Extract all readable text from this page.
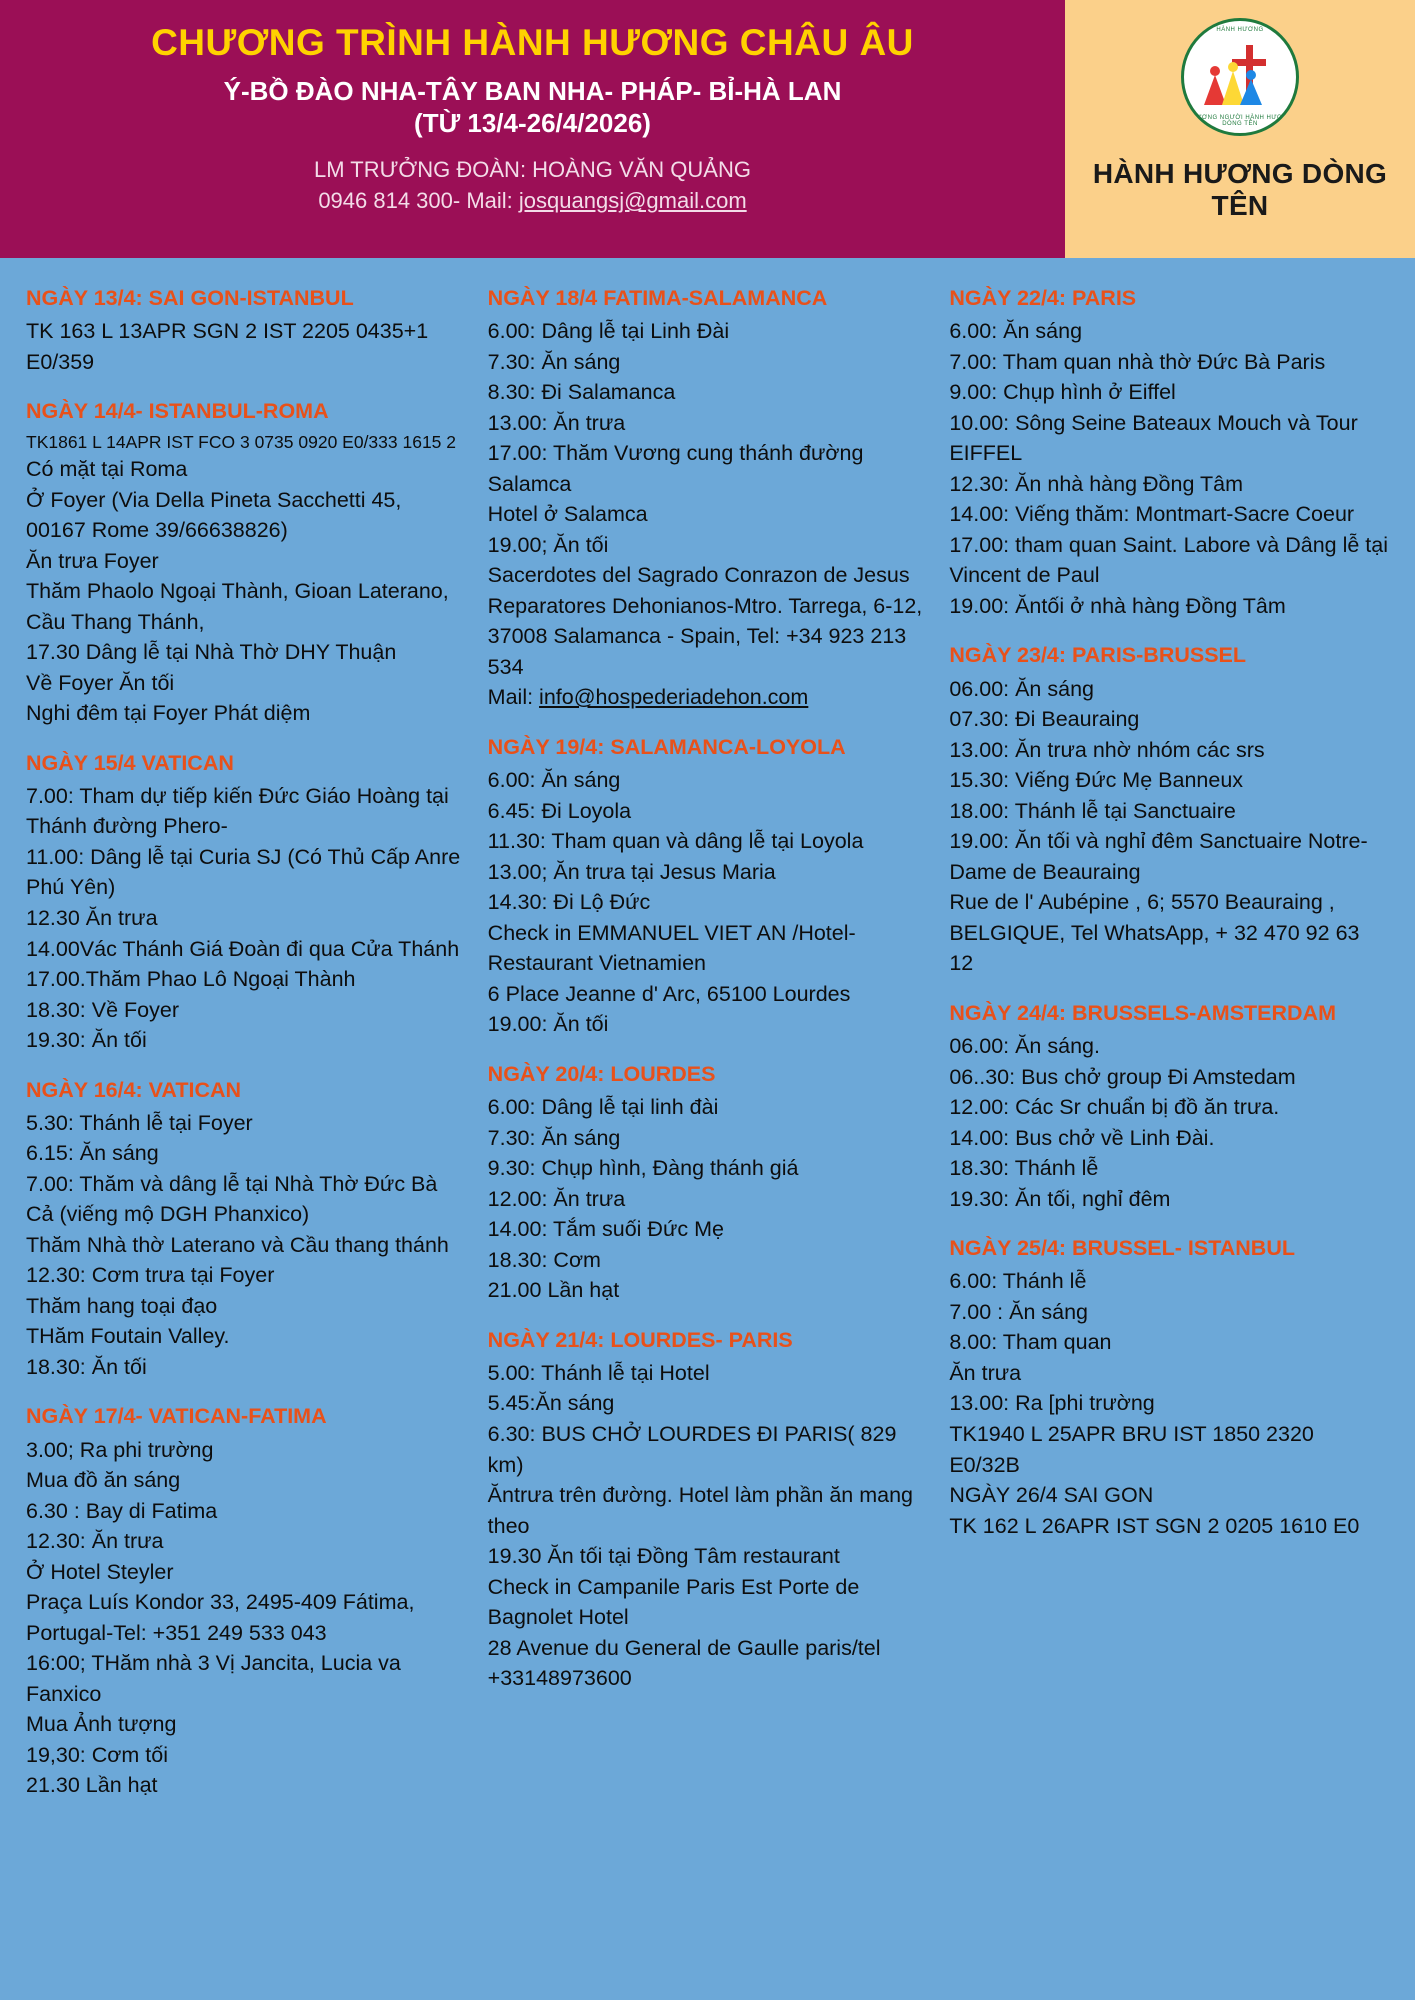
CHƯƠNG TRÌNH HÀNH HƯƠNG CHÂU ÂU
Ý-BỒ ĐÀO NHA-TÂY BAN NHA- PHÁP- BỈ-HÀ LAN
(TỪ 13/4-26/4/2026)
LM TRƯỞNG ĐOÀN: HOÀNG VĂN QUẢNG
0946 814 300- Mail: josquangsj@gmail.com
HÀNH HƯƠNG
THƯƠNG NGƯỜI HÀNH HƯƠNG DÒNG TÊN
HÀNH HƯƠNG DÒNG TÊN
NGÀY 13/4: SAI GON-ISTANBUL
TK 163 L 13APR SGN 2 IST 2205 0435+1
E0/359
NGÀY 14/4- ISTANBUL-ROMA
TK1861 L 14APR IST FCO 3 0735 0920 E0/333 1615 2
Có mặt tại Roma
Ở Foyer (Via Della Pineta Sacchetti 45, 00167 Rome 39/66638826)
Ăn trưa Foyer
Thăm Phaolo Ngoại Thành, Gioan Laterano, Cầu Thang Thánh,
17.30 Dâng lễ tại Nhà Thờ DHY Thuận
Về Foyer Ăn tối
Nghi đêm tại Foyer Phát diệm
NGÀY 15/4 VATICAN
7.00: Tham dự tiếp kiến Đức Giáo Hoàng tại Thánh đường Phero-
11.00: Dâng lễ tại Curia SJ (Có Thủ Cấp Anre Phú Yên)
12.30 Ăn trưa
14.00Vác Thánh Giá Đoàn đi qua Cửa Thánh
17.00.Thăm Phao Lô Ngoại Thành
18.30: Về Foyer
19.30: Ăn tối
NGÀY 16/4: VATICAN
5.30: Thánh lễ tại Foyer
6.15: Ăn sáng
7.00: Thăm và dâng lễ tại Nhà Thờ Đức Bà Cả (viếng mộ DGH Phanxico)
Thăm Nhà thờ Laterano và Cầu thang thánh
12.30: Cơm trưa tại Foyer
Thăm hang toại đạo
THăm Foutain Valley.
18.30: Ăn tối
NGÀY 17/4- VATICAN-FATIMA
3.00; Ra phi trường
Mua đồ ăn sáng
6.30 : Bay di Fatima
12.30: Ăn trưa
Ở Hotel Steyler
Praça Luís Kondor 33, 2495-409 Fátima, Portugal-Tel: +351 249 533 043
16:00; THăm nhà 3 Vị Jancita, Lucia va Fanxico
Mua Ảnh tượng
19,30: Cơm tối
21.30 Lần hạt
NGÀY 18/4 FATIMA-SALAMANCA
6.00: Dâng lễ tại Linh Đài
7.30: Ăn sáng
8.30: Đi Salamanca
13.00: Ăn trưa
17.00: Thăm Vương cung thánh đường Salamca
Hotel ở Salamca
19.00; Ăn tối
Sacerdotes del Sagrado Conrazon de Jesus Reparatores Dehonianos-Mtro. Tarrega, 6-12, 37008 Salamanca - Spain, Tel: +34 923 213 534
Mail: info@hospederiadehon.com
NGÀY 19/4: SALAMANCA-LOYOLA
6.00: Ăn sáng
6.45: Đi Loyola
11.30: Tham quan và dâng lễ tại Loyola
13.00; Ăn trưa tại Jesus Maria
14.30: Đi Lộ Đức
Check in EMMANUEL VIET AN /Hotel-Restaurant Vietnamien
6 Place Jeanne d' Arc, 65100 Lourdes
19.00: Ăn tối
NGÀY 20/4: LOURDES
6.00: Dâng lễ tại linh đài
7.30: Ăn sáng
9.30: Chụp hình, Đàng thánh giá
12.00: Ăn trưa
14.00: Tắm suối Đức Mẹ
18.30: Cơm
21.00 Lần hạt
NGÀY 21/4: LOURDES- PARIS
5.00: Thánh lễ tại Hotel
5.45:Ăn sáng
6.30: BUS CHỞ LOURDES ĐI PARIS( 829 km)
Ăntrưa trên đường. Hotel làm phần ăn mang theo
19.30 Ăn tối tại Đồng Tâm restaurant
Check in Campanile Paris Est Porte de Bagnolet Hotel
28 Avenue du General de Gaulle paris/tel +33148973600
NGÀY 22/4: PARIS
6.00: Ăn sáng
7.00: Tham quan nhà thờ Đức Bà Paris
9.00: Chụp hình ở Eiffel
10.00: Sông Seine Bateaux Mouch và Tour EIFFEL
12.30: Ăn nhà hàng Đồng Tâm
14.00: Viếng thăm: Montmart-Sacre Coeur
17.00: tham quan Saint. Labore và Dâng lễ tại Vincent de Paul
19.00: Ăntối ở nhà hàng Đồng Tâm
NGÀY 23/4: PARIS-BRUSSEL
06.00: Ăn sáng
07.30: Đi Beauraing
13.00: Ăn trưa nhờ nhóm các srs
15.30: Viếng Đức Mẹ Banneux
18.00: Thánh lễ tại Sanctuaire
19.00: Ăn tối và nghỉ đêm Sanctuaire Notre- Dame de Beauraing
Rue de l' Aubépine , 6; 5570 Beauraing , BELGIQUE, Tel WhatsApp, + 32 470 92 63 12
NGÀY 24/4: BRUSSELS-AMSTERDAM
06.00: Ăn sáng.
06..30: Bus chở group Đi Amstedam
12.00: Các Sr chuẩn bị đồ ăn trưa.
14.00: Bus chở về Linh Đài.
18.30: Thánh lễ
19.30: Ăn tối, nghỉ đêm
NGÀY 25/4: BRUSSEL- ISTANBUL
6.00: Thánh lễ
7.00 : Ăn sáng
8.00: Tham quan
Ăn trưa
13.00: Ra [phi trường
TK1940 L 25APR BRU IST 1850 2320 E0/32B
NGÀY 26/4 SAI GON
TK 162 L 26APR IST SGN 2 0205 1610 E0
